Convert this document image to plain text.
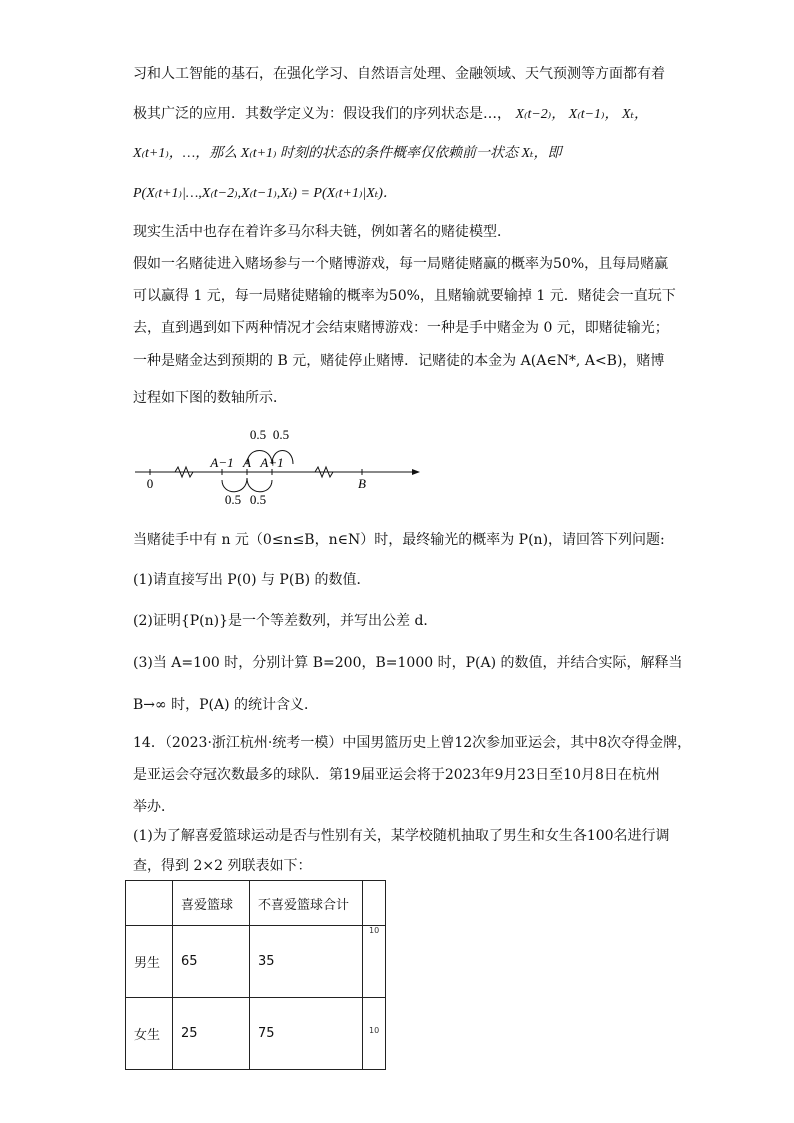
习和人工智能的基石，在强化学习、自然语言处理、金融领域、天气预测等方面都有着
极其广泛的应用．其数学定义为：假设我们的序列状态是…， X₍t−2₎， X₍t−1₎， Xₜ，
X₍t+1₎，…，那么 X₍t+1₎ 时刻的状态的条件概率仅依赖前一状态 Xₜ，即
P(X₍t+1₎|…,X₍t−2₎,X₍t−1₎,Xₜ) = P(X₍t+1₎|Xₜ)．
现实生活中也存在着许多马尔科夫链，例如著名的赌徒模型．
假如一名赌徒进入赌场参与一个赌博游戏，每一局赌徒赌赢的概率为50%，且每局赌赢
可以赢得 1 元，每一局赌徒赌输的概率为50%，且赌输就要输掉 1 元．赌徒会一直玩下
去，直到遇到如下两种情况才会结束赌博游戏：一种是手中赌金为 0 元，即赌徒输光；
一种是赌金达到预期的 B 元，赌徒停止赌博．记赌徒的本金为 A(A∈N*, A<B)，赌博
过程如下图的数轴所示．
0
A−1 A A+1
B
0.5 0.5
0.5 0.5
当赌徒手中有 n 元（0≤n≤B，n∈N）时，最终输光的概率为 P(n)，请回答下列问题:
(1)请直接写出 P(0) 与 P(B) 的数值．
(2)证明{P(n)}是一个等差数列，并写出公差 d．
(3)当 A=100 时，分别计算 B=200，B=1000 时，P(A) 的数值，并结合实际，解释当
B→∞ 时，P(A) 的统计含义．
14．（2023·浙江杭州·统考一模）中国男篮历史上曾12次参加亚运会，其中8次夺得金牌，
是亚运会夺冠次数最多的球队．第19届亚运会将于2023年9月23日至10月8日在杭州
举办．
(1)为了解喜爱篮球运动是否与性别有关，某学校随机抽取了男生和女生各100名进行调
查，得到 2×2 列联表如下：
	喜爱篮球	不喜爱篮球合计	
男生	65	35	$^{10}$
女生	25	75	$^{10}$
